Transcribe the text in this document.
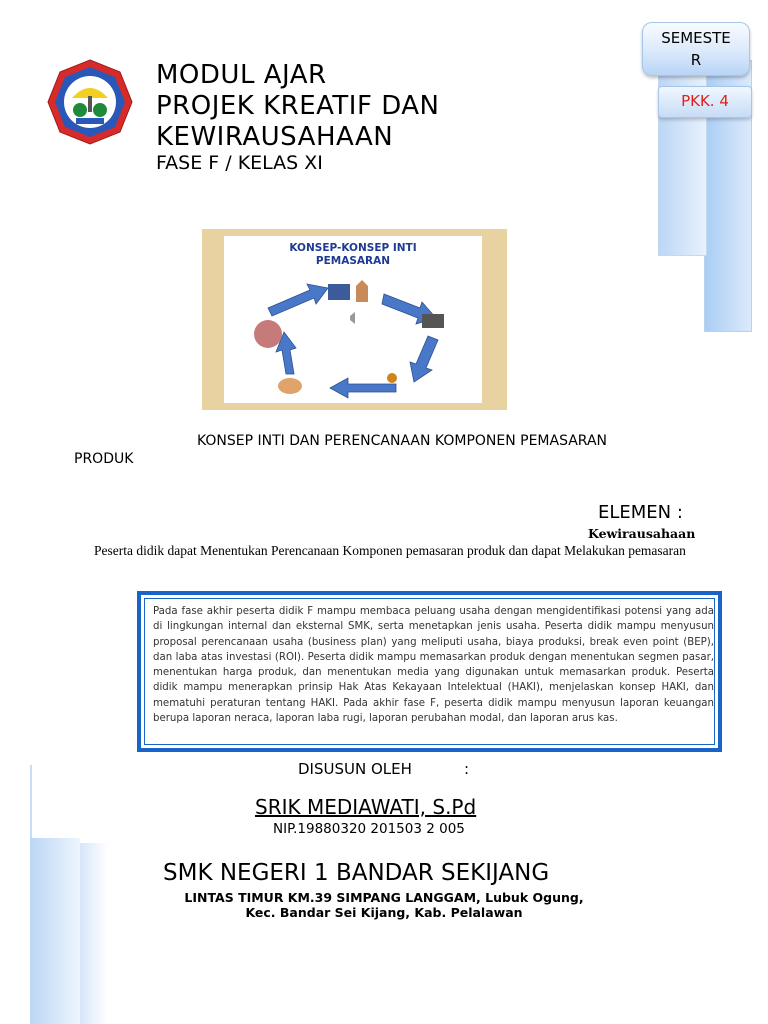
SEMESTE
R
PKK. 4
MODUL AJAR
PROJEK KREATIF DAN
KEWIRAUSAHAAN
FASE F / KELAS XI
KONSEP-KONSEP INTI
PEMASARAN
KONSEP INTI DAN PERENCANAAN KOMPONEN PEMASARAN
PRODUK
ELEMEN :
Kewirausahaan
Peserta didik dapat Menentukan Perencanaan Komponen pemasaran produk dan dapat Melakukan pemasaran
Pada fase akhir peserta didik F mampu membaca peluang usaha dengan mengidentifikasi potensi yang ada di lingkungan internal dan eksternal SMK, serta menetapkan jenis usaha. Peserta didik mampu menyusun proposal perencanaan usaha (business plan) yang meliputi usaha, biaya produksi, break even point (BEP), dan laba atas investasi (ROI). Peserta didik mampu memasarkan produk dengan menentukan segmen pasar, menentukan harga produk, dan menentukan media yang digunakan untuk memasarkan produk. Peserta didik mampu menerapkan prinsip Hak Atas Kekayaan Intelektual (HAKI), menjelaskan konsep HAKI, dan mematuhi peraturan tentang HAKI. Pada akhir fase F, peserta didik mampu menyusun laporan keuangan berupa laporan neraca, laporan laba rugi, laporan perubahan modal, dan laporan arus kas.
DISUSUN OLEH	:
SRIK MEDIAWATI, S.Pd
NIP.19880320 201503 2 005
SMK NEGERI 1 BANDAR SEKIJANG
LINTAS TIMUR KM.39 SIMPANG LANGGAM, Lubuk Ogung,
Kec. Bandar Sei Kijang, Kab. Pelalawan
